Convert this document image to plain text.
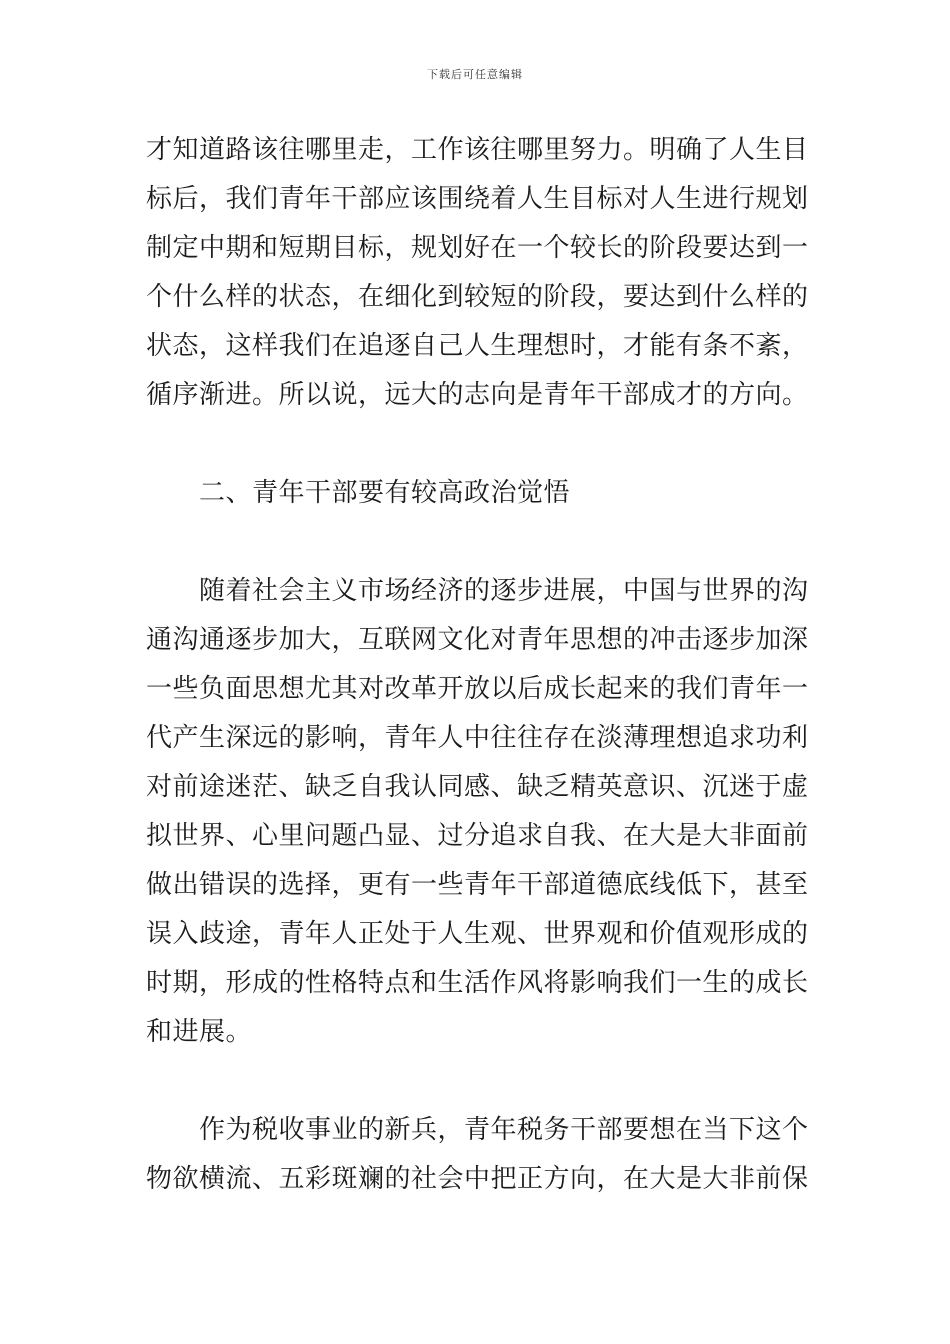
下载后可任意编辑
才知道路该往哪里走，工作该往哪里努力。明确了人生目
标后，我们青年干部应该围绕着人生目标对人生进行规划
制定中期和短期目标，规划好在一个较长的阶段要达到一
个什么样的状态，在细化到较短的阶段，要达到什么样的
状态，这样我们在追逐自己人生理想时，才能有条不紊，
循序渐进。所以说，远大的志向是青年干部成才的方向。
　　二、青年干部要有较高政治觉悟
　　随着社会主义市场经济的逐步进展，中国与世界的沟
通沟通逐步加大，互联网文化对青年思想的冲击逐步加深
一些负面思想尤其对改革开放以后成长起来的我们青年一
代产生深远的影响，青年人中往往存在淡薄理想追求功利
对前途迷茫、缺乏自我认同感、缺乏精英意识、沉迷于虚
拟世界、心里问题凸显、过分追求自我、在大是大非面前
做出错误的选择，更有一些青年干部道德底线低下，甚至
误入歧途，青年人正处于人生观、世界观和价值观形成的
时期，形成的性格特点和生活作风将影响我们一生的成长
和进展。
　　作为税收事业的新兵，青年税务干部要想在当下这个
物欲横流、五彩斑斓的社会中把正方向，在大是大非前保
